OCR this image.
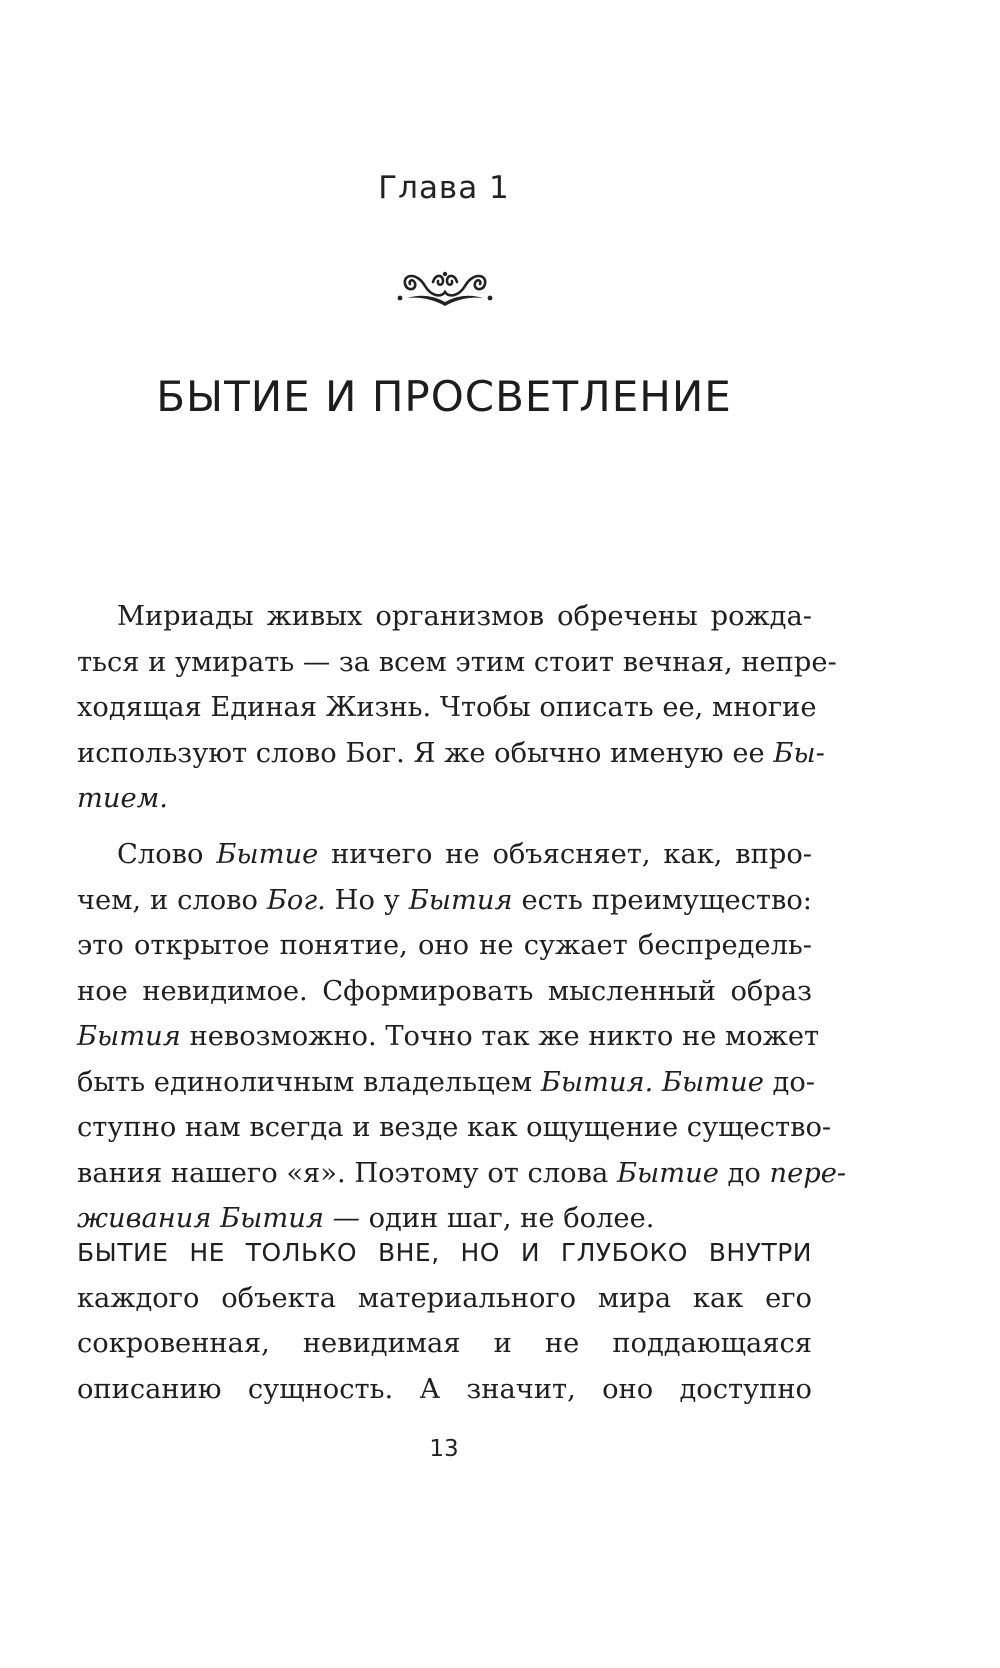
Глава 1
БЫТИЕ И ПРОСВЕТЛЕНИЕ
Мириады живых организмов обречены рожда-
ться и умирать — за всем этим стоит вечная, непре-
ходящая Единая Жизнь. Чтобы описать ее, многие
используют слово Бог. Я же обычно именую ее Бы-
тием.
Слово Бытие ничего не объясняет, как, впро-
чем, и слово Бог. Но у Бытия есть преимущество:
это открытое понятие, оно не сужает беспредель-
ное невидимое. Сформировать мысленный образ
Бытия невозможно. Точно так же никто не может
быть единоличным владельцем Бытия. Бытие до-
ступно нам всегда и везде как ощущение существо-
вания нашего «я». Поэтому от слова Бытие до пере-
живания Бытия — один шаг, не более.
БЫТИЕ НЕ ТОЛЬКО ВНЕ, НО И ГЛУБОКО ВНУТРИ
каждого объекта материального мира как его
сокровенная, невидимая и не поддающаяся
описанию сущность. А значит, оно доступно
13
